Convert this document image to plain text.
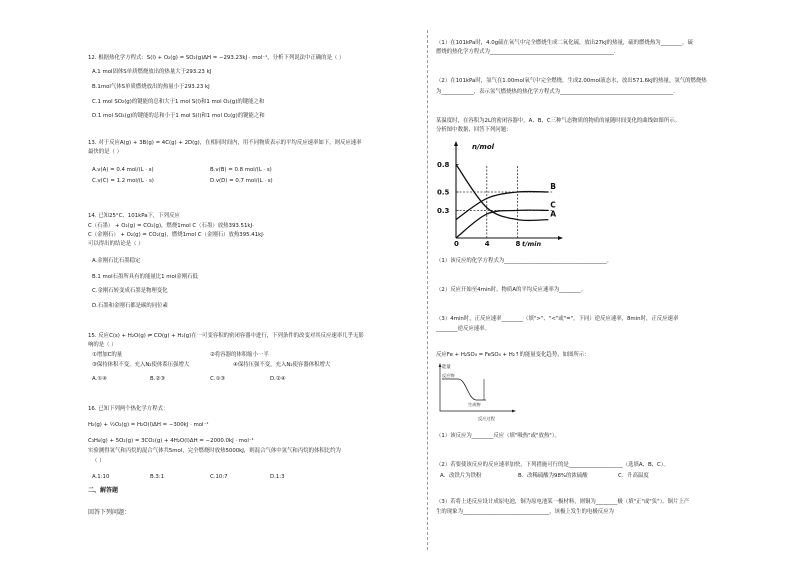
12. 根据热化学方程式：S(l) + O₂(g) = SO₂(g)ΔH = −293.23kJ · mol⁻¹，分析下列说法中正确的是（ ）
A.1 mol固体S单质燃烧放出的热量大于293.23 kJ
B.1mol气体S单质燃烧放出的热量小于293.23 kJ
C.1 mol SO₂(g)的键能的总和大于1 mol S(l)和1 mol O₂(g)的键能之和
D.1 mol SO₂(g)的键能的总和小于1 mol S(l)和1 mol O₂(g)的键能之和
13. 对于反应A(g) + 3B(g) = 4C(g) + 2D(g)，在相同时间内，用不同物质表示的平均反应速率如下，则反应速率
最快的是（ ）
A.v(A) = 0.4 mol/(L · s)	B.v(B) = 0.8 mol/(L · s)
C.v(C) = 1.2 mol/(L · s)	D.v(D) = 0.7 mol/(L · s)
14. 已知25°C、101kPa下，下列反应
C（石墨） + O₂(g) = CO₂(g)，燃烧1mol C（石墨）放热393.51kJ·
C（金刚石） + O₂(g) = CO₂(g)，燃烧1mol C（金刚石）放热395.41kJ·
可以得出的结论是（ ）
A.金刚石比石墨稳定
B.1 mol石墨所具有的能量比1 mol金刚石低
C.金刚石转变成石墨是物理变化
D.石墨和金刚石都是碳的同位素
15. 反应C(s) + H₂O(g) ⇌ CO(g) + H₂(g)在一可变容积的密闭容器中进行，下列条件的改变对其反应速率几乎无影
响的是（ ）
①增加C的量	②将容器的体积缩小一半
③保持体积不变，充入N₂使体系压强增大	④保持压强不变，充入N₂使容器体积增大
A.①④	B.②③	C.①③	D.②④
16. 已知下列两个热化学方程式：
H₂(g) + ½O₂(g) = H₂O(l)ΔH = −300kJ · mol⁻¹
C₃H₈(g) + 5O₂(g) = 3CO₂(g) + 4H₂O(l)ΔH = −2000.0kJ · mol⁻¹
实验测得氢气和丙烷的混合气体共5mol，完全燃烧时放热5000kJ，则混合气体中氢气和丙烷的体积比约为
（ ）
A.1:10	B.3:1	C.10:7	D.1:3
二、解答题
回答下列问题：
（1）在101kPa时，4.0g硫在氧气中完全燃烧生成二氧化硫，放出27kJ的热量，硫的燃烧热为________，硫
燃烧的热化学方程式为______________________________________________.
（2）在101kPa时，氢气在1.00mol氧气中完全燃烧，生成2.00mol液态水，放出571.6kJ的热量，氢气的燃烧热
为____________，表示氢气燃烧热的热化学方程式为__________________________________________.
某温度时，在容积为2L的密闭容器中，A、B、C三种气态物质的物质的量随时间变化的曲线如图所示。
分析图中数据，回答下列问题：
n/mol
t/min
0.8
0.5
0.3
0	4	8
A
B
C
（1）该反应的化学方程式为______________________________________。
（2）反应开始至4min时，物质A的平均反应速率为________。
（3）4min时，正反应速率________（填">"、"<"或"="，下同）逆反应速率，8min时，正反应速率
________逆反应速率。
反应Fe + H₂SO₄ = FeSO₄ + H₂↑的能量变化趋势，如图所示：
能量
反应物
生成物
反应过程
（1）该反应为________反应（填"吸热"或"放热"）。
（2）若要使该反应的反应速率加快，下列措施可行的是____________________（选填A、B、C）。
A．改铁片为铁粉	B．改稀硫酸为98%的浓硫酸	C．升高温度
（3）若将上述反应设计成原电池，铜为原电池某一极材料，则铜为________极（填"正"或"负"）。铜片上产
生的现象为________________________________，该极上发生的电极反应为
